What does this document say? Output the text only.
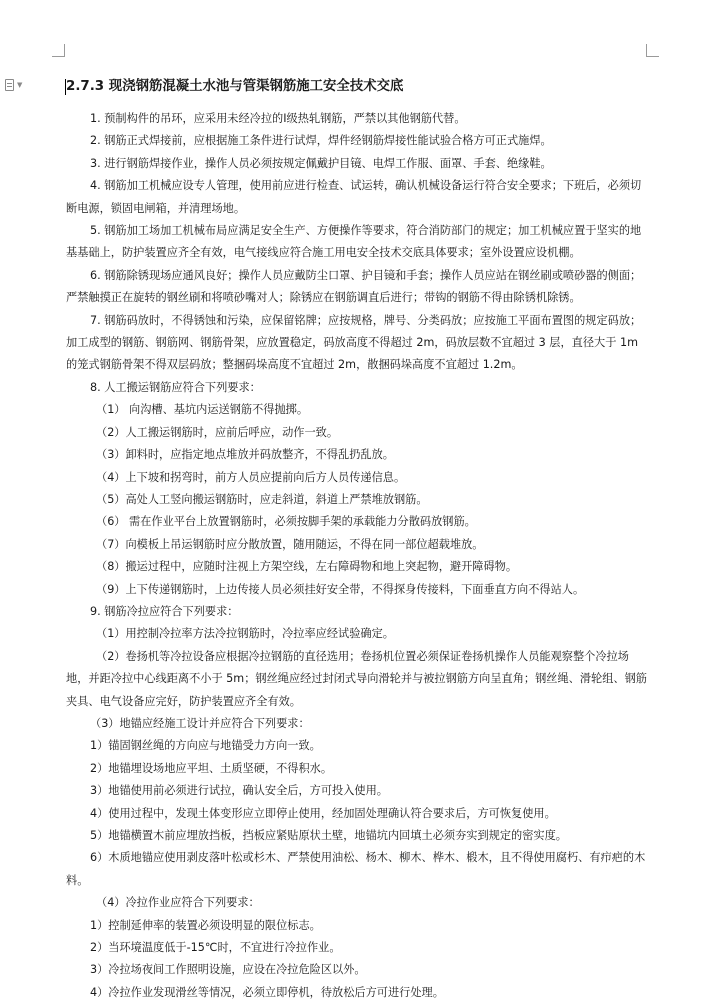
▼	2.7.3 现浇钢筋混凝土水池与管渠钢筋施工安全技术交底

1. 预制构件的吊环，应采用未经冷拉的Ⅰ级热轧钢筋，严禁以其他钢筋代替。

2. 钢筋正式焊接前，应根据施工条件进行试焊，焊件经钢筋焊接性能试验合格方可正式施焊。

3. 进行钢筋焊接作业，操作人员必须按规定佩戴护目镜、电焊工作服、面罩、手套、绝缘鞋。

4. 钢筋加工机械应设专人管理，使用前应进行检查、试运转，确认机械设备运行符合安全要求；下班后，必须切断电源，锁固电闸箱，并清理场地。

5. 钢筋加工场加工机械布局应满足安全生产、方便操作等要求，符合消防部门的规定；加工机械应置于坚实的地基基础上，防护装置应齐全有效，电气接线应符合施工用电安全技术交底具体要求；室外设置应设机棚。

6. 钢筋除锈现场应通风良好；操作人员应戴防尘口罩、护目镜和手套；操作人员应站在钢丝刷或喷砂器的侧面；严禁触摸正在旋转的钢丝刷和将喷砂嘴对人；除锈应在钢筋调直后进行；带钩的钢筋不得由除锈机除锈。

7. 钢筋码放时，不得锈蚀和污染，应保留铭牌；应按规格，牌号、分类码放；应按施工平面布置图的规定码放；加工成型的钢筋、钢筋网、钢筋骨架，应放置稳定，码放高度不得超过 2m，码放层数不宜超过 3 层，直径大于 1m 的笼式钢筋骨架不得双层码放；整捆码垛高度不宜超过 2m，散捆码垛高度不宜超过 1.2m。

8. 人工搬运钢筋应符合下列要求：

（1） 向沟槽、基坑内运送钢筋不得抛掷。

（2）人工搬运钢筋时，应前后呼应，动作一致。

（3）卸料时，应指定地点堆放并码放整齐，不得乱扔乱放。

（4）上下坡和拐弯时，前方人员应提前向后方人员传递信息。

（5）高处人工竖向搬运钢筋时，应走斜道，斜道上严禁堆放钢筋。

（6） 需在作业平台上放置钢筋时，必须按脚手架的承载能力分散码放钢筋。

（7）向模板上吊运钢筋时应分散放置，随用随运，不得在同一部位超载堆放。

（8）搬运过程中，应随时注视上方架空线，左右障碍物和地上突起物，避开障碍物。

（9）上下传递钢筋时，上边传接人员必须挂好安全带，不得探身传接料，下面垂直方向不得站人。

9. 钢筋冷拉应符合下列要求：

（1）用控制冷拉率方法冷拉钢筋时，冷拉率应经试验确定。

（2）卷扬机等冷拉设备应根据冷拉钢筋的直径选用；卷扬机位置必须保证卷扬机操作人员能观察整个冷拉场地，并距冷拉中心线距离不小于 5m；钢丝绳应经过封闭式导向滑轮并与被拉钢筋方向呈直角；钢丝绳、滑轮组、钢筋夹具、电气设备应完好，防护装置应齐全有效。

（3）地锚应经施工设计并应符合下列要求：

1）锚固钢丝绳的方向应与地锚受力方向一致。

2）地锚埋设场地应平坦、土质坚硬，不得积水。

3）地锚使用前必须进行试拉，确认安全后，方可投入使用。

4）使用过程中，发现土体变形应立即停止使用，经加固处理确认符合要求后，方可恢复使用。

5）地锚横置木前应埋放挡板，挡板应紧贴原状土壁，地锚坑内回填土必须夯实到规定的密实度。

6）木质地锚应使用剥皮落叶松或杉木、严禁使用油松、杨木、柳木、桦木、椴木，且不得使用腐朽、有疖疤的木料。

（4）冷拉作业应符合下列要求：

1）控制延伸率的装置必须设明显的限位标志。

2）当环境温度低于-15℃时，不宜进行冷拉作业。

3）冷拉场夜间工作照明设施，应设在冷拉危险区以外。

4）冷拉作业发现滑丝等情况，必须立即停机，待放松后方可进行处理。
